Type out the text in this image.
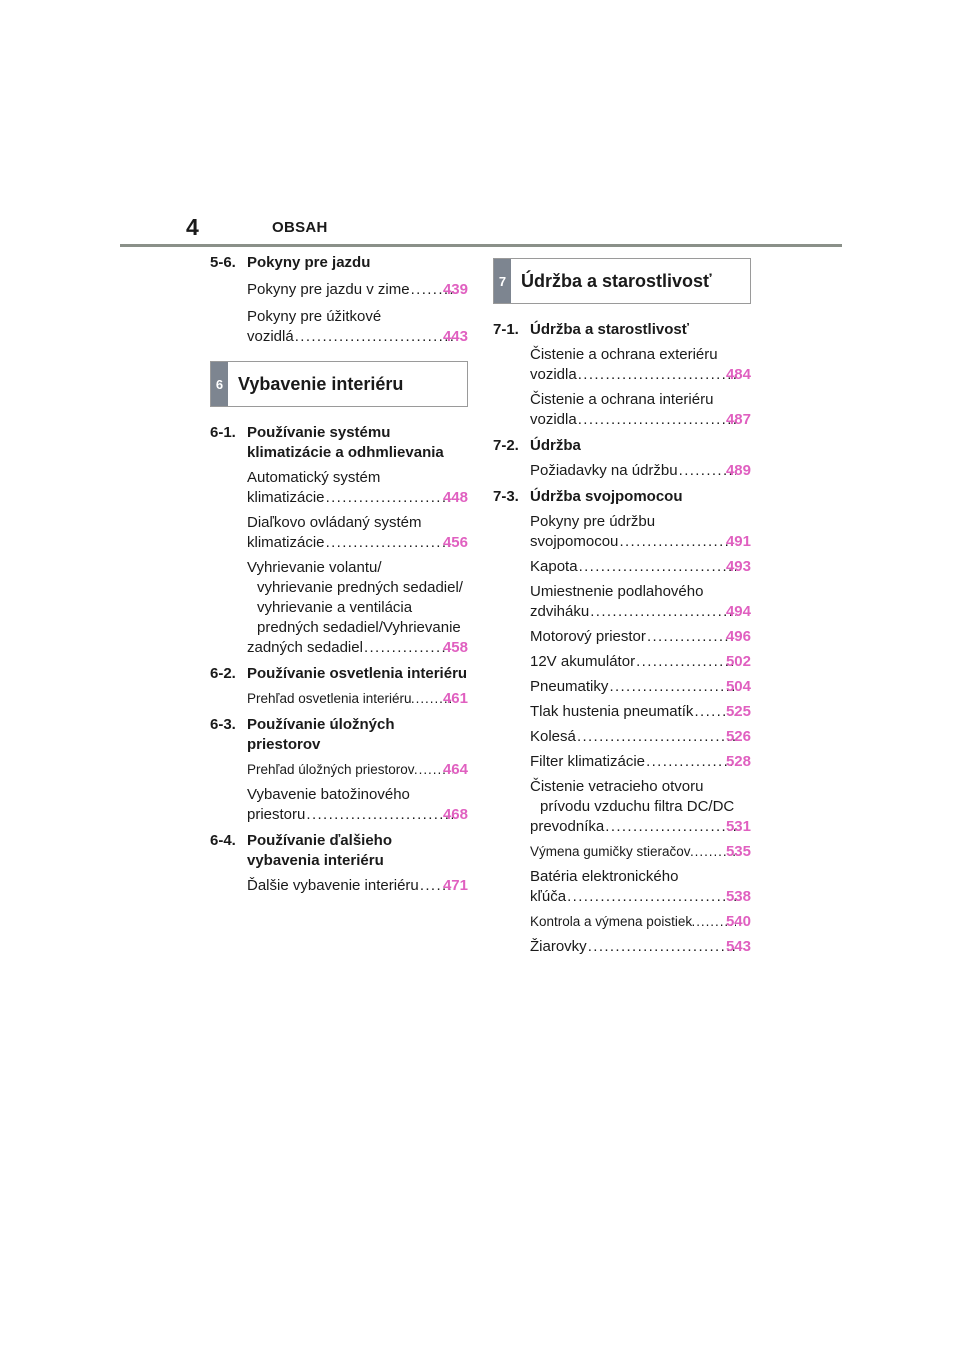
4	OBSAH
5-6. Pokyny pre jazdu
Pokyny pre jazdu v zime . . . 439
Pokyny pre úžitkové
vozidlá . . .	443
6 Vybavenie interiéru
6-1. Používanie systému klimatizácie a odhmlievania
Automatický systém
klimatizácie . . .	448
Diaľkovo ovládaný systém
klimatizácie . . .	456
Vyhrievanie volantu/
vyhrievanie predných sedadiel/
vyhrievanie a ventilácia
predných sedadiel/Vyhrievanie
zadných sedadiel . . .	458
6-2. Používanie osvetlenia interiéru
Prehľad osvetlenia interiéru . . . 461
6-3. Používanie úložných priestorov
Prehľad úložných priestorov . . . 464
Vybavenie batožinového
priestoru . . .	468
6-4. Používanie ďalšieho vybavenia interiéru
Ďalšie vybavenie interiéru . . . 471
7 Údržba a starostlivosť
7-1. Údržba a starostlivosť
Čistenie a ochrana exteriéru
vozidla . . .	484
Čistenie a ochrana interiéru
vozidla . . .	487
7-2. Údržba
Požiadavky na údržbu . . .	489
7-3. Údržba svojpomocou
Pokyny pre údržbu
svojpomocou . . .	491
Kapota . . .	493
Umiestnenie podlahového
zdviháku . . .	494
Motorový priestor . . .	496
12V akumulátor . . .	502
Pneumatiky . . .	504
Tlak hustenia pneumatík . . . 525
Kolesá . . .	526
Filter klimatizácie . . .	528
Čistenie vetracieho otvoru
prívodu vzduchu filtra DC/DC
prevodníka . . .	531
Výmena gumičky stieračov . . . 535
Batéria elektronického
kľúča . . .	538
Kontrola a výmena poistiek . . . 540
Žiarovky . . .	543
